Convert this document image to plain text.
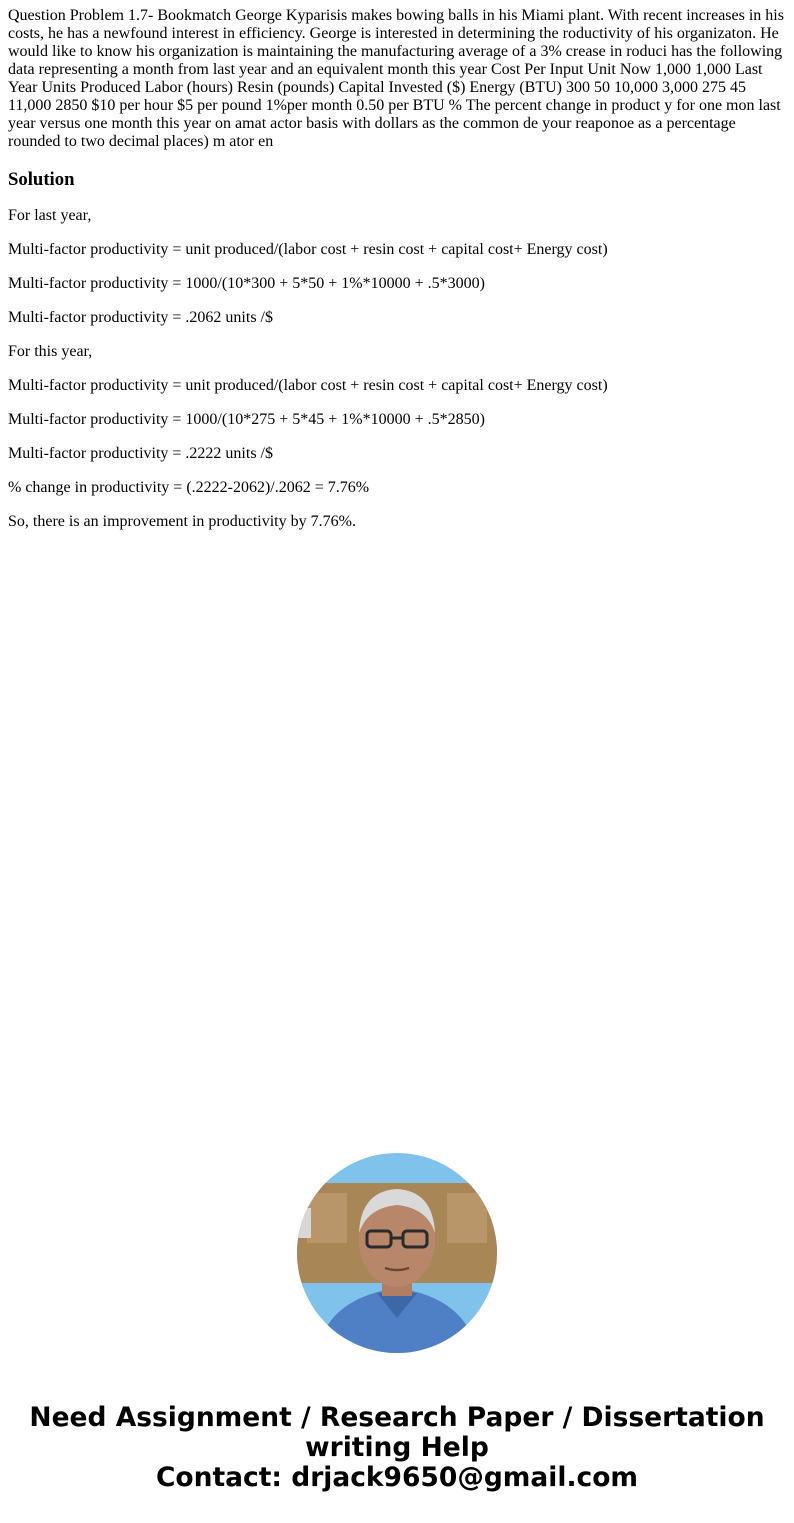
Question Problem 1.7- Bookmatch George Kyparisis makes bowing balls in his Miami plant. With recent increases in his costs, he has a newfound interest in efficiency. George is interested in determining the roductivity of his organizaton. He would like to know his organization is maintaining the manufacturing average of a 3% crease in roduci has the following data representing a month from last year and an equivalent month this year Cost Per Input Unit Now 1,000 1,000 Last Year Units Produced Labor (hours) Resin (pounds) Capital Invested ($) Energy (BTU) 300 50 10,000 3,000 275 45 11,000 2850 $10 per hour $5 per pound 1%per month 0.50 per BTU % The percent change in product y for one mon last year versus one month this year on amat actor basis with dollars as the common de your reaponoe as a percentage rounded to two decimal places) m ator en

Solution

For last year,

Multi-factor productivity = unit produced/(labor cost + resin cost + capital cost+ Energy cost)

Multi-factor productivity = 1000/(10*300 + 5*50 + 1%*10000 + .5*3000)

Multi-factor productivity = .2062 units /$

For this year,

Multi-factor productivity = unit produced/(labor cost + resin cost + capital cost+ Energy cost)

Multi-factor productivity = 1000/(10*275 + 5*45 + 1%*10000 + .5*2850)

Multi-factor productivity = .2222 units /$

% change in productivity = (.2222-2062)/.2062 = 7.76%

So, there is an improvement in productivity by 7.76%.

Need Assignment / Research Paper / Dissertation
writing Help
Contact: drjack9650@gmail.com
